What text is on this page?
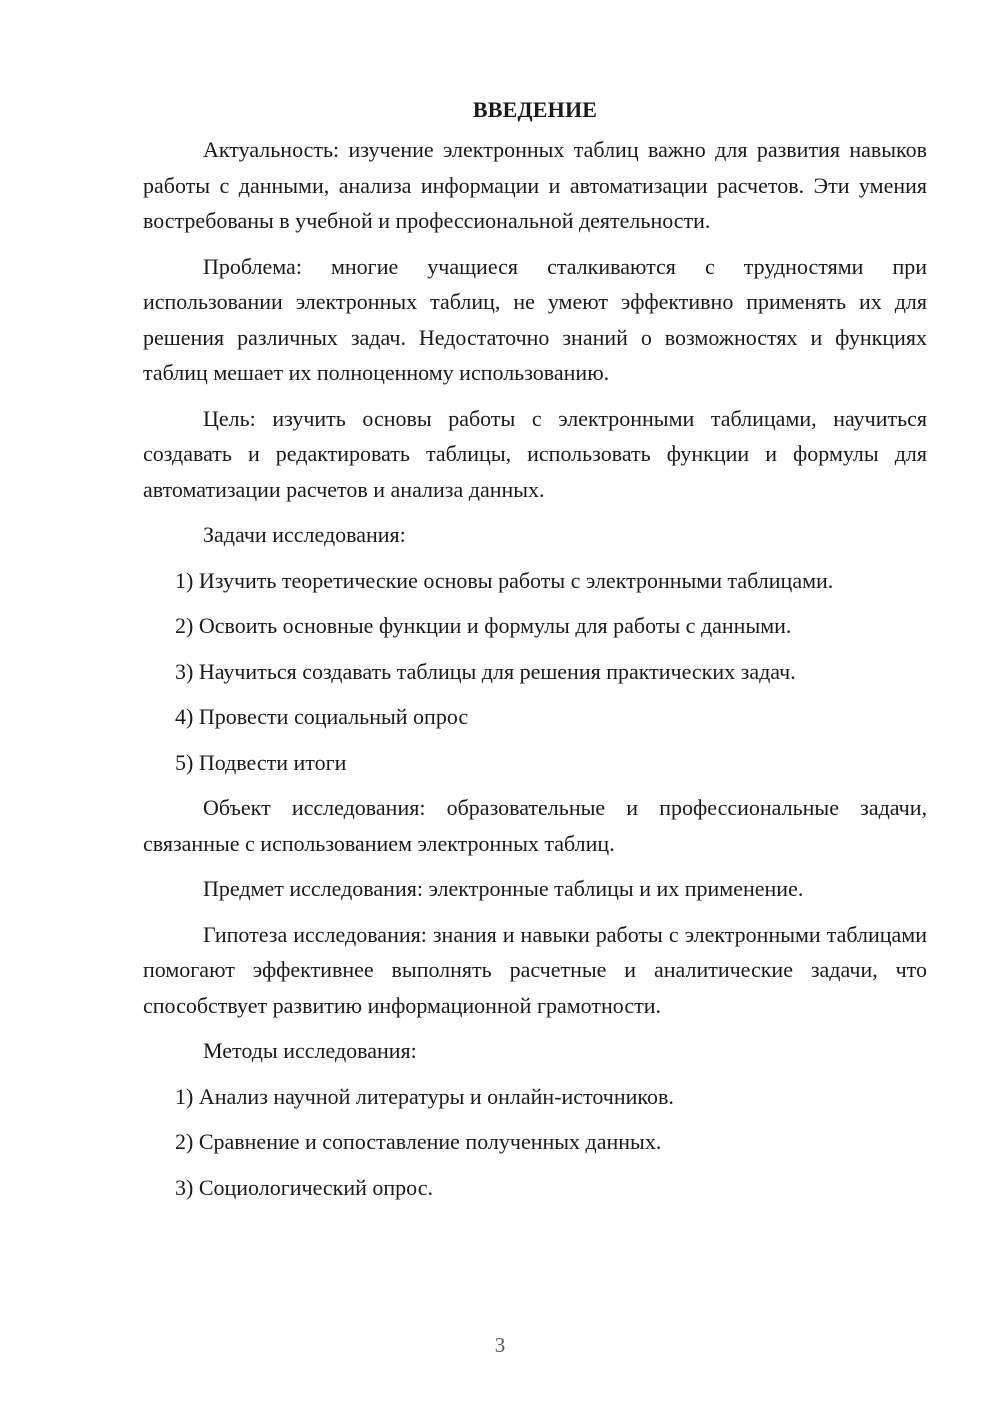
ВВЕДЕНИЕ

Актуальность: изучение электронных таблиц важно для развития навыков работы с данными, анализа информации и автоматизации расчетов. Эти умения востребованы в учебной и профессиональной деятельности.

Проблема: многие учащиеся сталкиваются с трудностями при использовании электронных таблиц, не умеют эффективно применять их для решения различных задач. Недостаточно знаний о возможностях и функциях таблиц мешает их полноценному использованию.

Цель: изучить основы работы с электронными таблицами, научиться создавать и редактировать таблицы, использовать функции и формулы для автоматизации расчетов и анализа данных.

Задачи исследования:

1) Изучить теоретические основы работы с электронными таблицами.
2) Освоить основные функции и формулы для работы с данными.
3) Научиться создавать таблицы для решения практических задач.
4) Провести социальный опрос
5) Подвести итоги

Объект исследования: образовательные и профессиональные задачи, связанные с использованием электронных таблиц.

Предмет исследования: электронные таблицы и их применение.

Гипотеза исследования: знания и навыки работы с электронными таблицами помогают эффективнее выполнять расчетные и аналитические задачи, что способствует развитию информационной грамотности.

Методы исследования:

1) Анализ научной литературы и онлайн-источников.
2) Сравнение и сопоставление полученных данных.
3) Социологический опрос.
3
